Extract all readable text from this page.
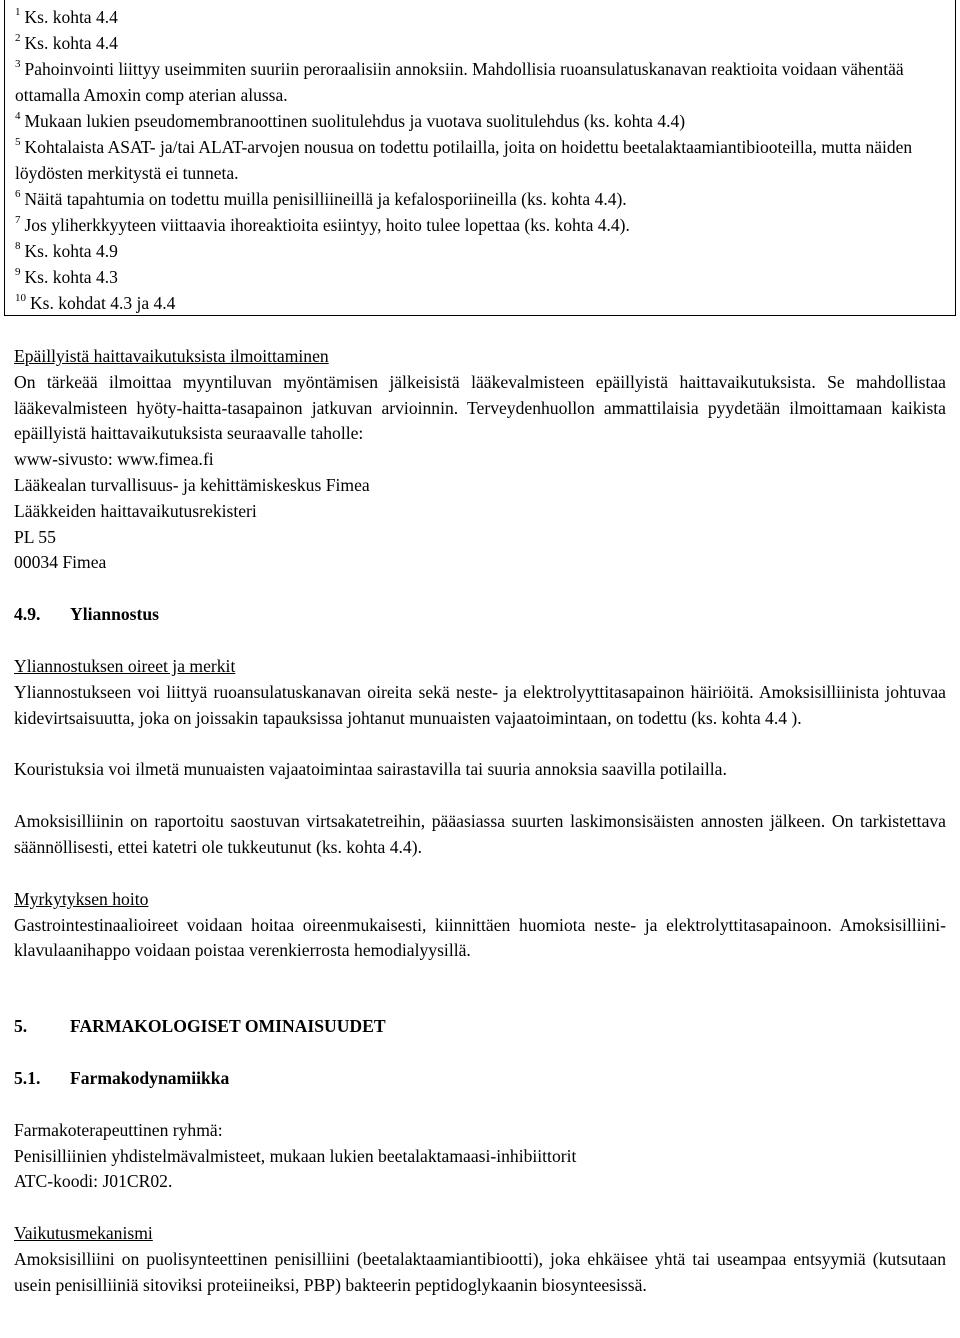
$^1$ Ks. kohta 4.4
$^2$ Ks. kohta 4.4
$^3$ Pahoinvointi liittyy useimmiten suuriin peroraalisiin annoksiin. Mahdollisia ruoansulatuskanavan reaktioita voidaan vähentää ottamalla Amoxin comp aterian alussa.
$^4$ Mukaan lukien pseudomembranoottinen suolitulehdus ja vuotava suolitulehdus (ks. kohta 4.4)
$^5$ Kohtalaista ASAT- ja/tai ALAT-arvojen nousua on todettu potilailla, joita on hoidettu beetalaktaamiantibiooteilla, mutta näiden löydösten merkitystä ei tunneta.
$^6$ Näitä tapahtumia on todettu muilla penisilliineillä ja kefalosporiineilla (ks. kohta 4.4).
$^7$ Jos yliherkkyyteen viittaavia ihoreaktioita esiintyy, hoito tulee lopettaa (ks. kohta 4.4).
$^8$ Ks. kohta 4.9
$^9$ Ks. kohta 4.3
$^{10}$ Ks. kohdat 4.3 ja 4.4

Epäillyistä haittavaikutuksista ilmoittaminen

On tärkeää ilmoittaa myyntiluvan myöntämisen jälkeisistä lääkevalmisteen epäillyistä haittavaikutuksista. Se mahdollistaa lääkevalmisteen hyöty-haitta-tasapainon jatkuvan arvioinnin. Terveydenhuollon ammattilaisia pyydetään ilmoittamaan kaikista epäillyistä haittavaikutuksista seuraavalle taholle:

www-sivusto: www.fimea.fi

Lääkealan turvallisuus- ja kehittämiskeskus Fimea

Lääkkeiden haittavaikutusrekisteri

PL 55

00034 Fimea

4.9. Yliannostus

Yliannostuksen oireet ja merkit

Yliannostukseen voi liittyä ruoansulatuskanavan oireita sekä neste- ja elektrolyyttitasapainon häiriöitä. Amoksisilliinista johtuvaa kidevirtsaisuutta, joka on joissakin tapauksissa johtanut munuaisten vajaatoimintaan, on todettu (ks. kohta 4.4 ).

Kouristuksia voi ilmetä munuaisten vajaatoimintaa sairastavilla tai suuria annoksia saavilla potilailla.

Amoksisilliinin on raportoitu saostuvan virtsakatetreihin, pääasiassa suurten laskimonsisäisten annosten jälkeen. On tarkistettava säännöllisesti, ettei katetri ole tukkeutunut (ks. kohta 4.4).

Myrkytyksen hoito

Gastrointestinaalioireet voidaan hoitaa oireenmukaisesti, kiinnittäen huomiota neste- ja elektrolyttitasapainoon. Amoksisilliini-klavulaanihappo voidaan poistaa verenkierrosta hemodialyysillä.

5. FARMAKOLOGISET OMINAISUUDET

5.1. Farmakodynamiikka

Farmakoterapeuttinen ryhmä:

Penisilliinien yhdistelmävalmisteet, mukaan lukien beetalaktamaasi-inhibiittorit

ATC-koodi: J01CR02.

Vaikutusmekanismi

Amoksisilliini on puolisynteettinen penisilliini (beetalaktaamiantibiootti), joka ehkäisee yhtä tai useampaa entsyymiä (kutsutaan usein penisilliiniä sitoviksi proteiineiksi, PBP) bakteerin peptidoglykaanin biosynteesissä.
